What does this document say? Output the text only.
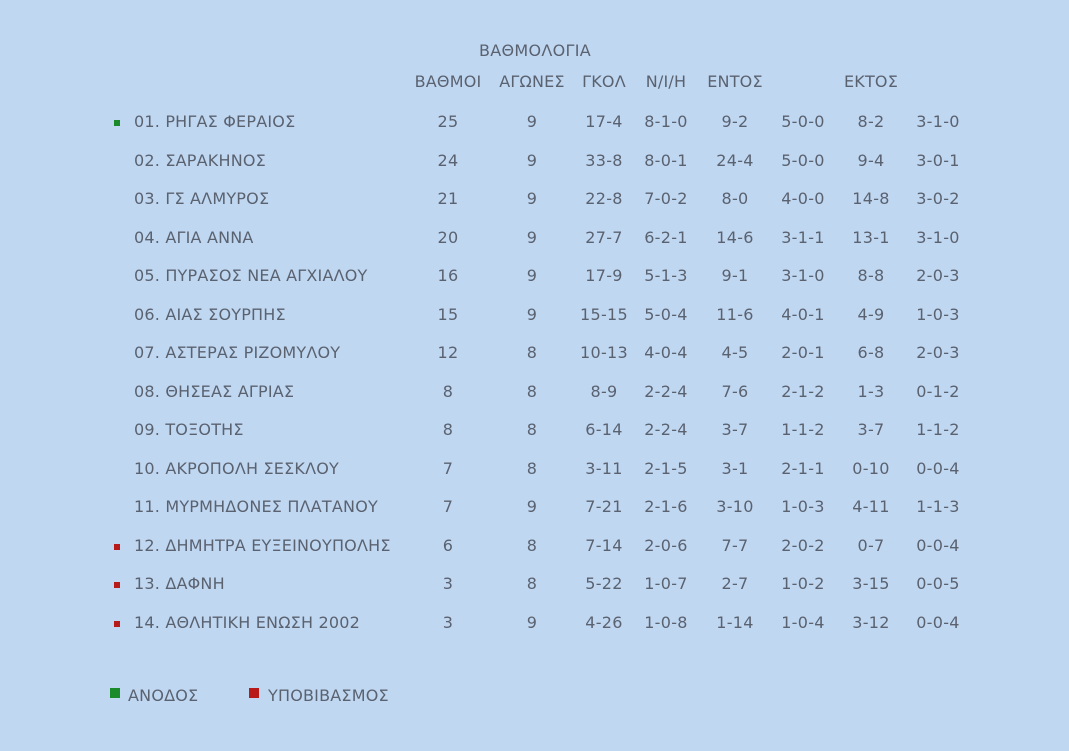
ΒΑΘΜΟΛΟΓΙΑ
ΒΑΘΜΟΙ ΑΓΩΝΕΣ ΓΚΟΛ Ν/Ι/Η ΕΝΤΟΣ	ΕΚΤΟΣ
01. ΡΗΓΑΣ ΦΕΡΑΙΟΣ	25	9	17-4 8-1-0 9-2 5-0-0 8-2 3-1-0
02. ΣΑΡΑΚΗΝΟΣ	24	9	33-8 8-0-1 24-4 5-0-0 9-4 3-0-1
03. ΓΣ ΑΛΜΥΡΟΣ	21	9	22-8 7-0-2 8-0 4-0-0 14-8 3-0-2
04. ΑΓΙΑ ΑΝΝΑ	20	9	27-7 6-2-1 14-6 3-1-1 13-1 3-1-0
05. ΠΥΡΑΣΟΣ ΝΕΑ ΑΓΧΙΑΛΟΥ	16	9	17-9 5-1-3 9-1 3-1-0 8-8 2-0-3
06. ΑΙΑΣ ΣΟΥΡΠΗΣ	15	9	15-15 5-0-4 11-6 4-0-1 4-9 1-0-3
07. ΑΣΤΕΡΑΣ ΡΙΖΟΜΥΛΟΥ	12	8	10-13 4-0-4 4-5 2-0-1 6-8 2-0-3
08. ΘΗΣΕΑΣ ΑΓΡΙΑΣ	8	8	8-9 2-2-4 7-6 2-1-2 1-3 0-1-2
09. ΤΟΞΟΤΗΣ	8	8	6-14 2-2-4 3-7 1-1-2 3-7 1-1-2
10. ΑΚΡΟΠΟΛΗ ΣΕΣΚΛΟΥ	7	8	3-11 2-1-5 3-1 2-1-1 0-10 0-0-4
11. ΜΥΡΜΗΔΟΝΕΣ ΠΛΑΤΑΝΟΥ	7	9	7-21 2-1-6 3-10 1-0-3 4-11 1-1-3
12. ΔΗΜΗΤΡΑ ΕΥΞΕΙΝΟΥΠΟΛΗΣ	6	8	7-14 2-0-6 7-7 2-0-2 0-7 0-0-4
13. ΔΑΦΝΗ	3	8	5-22 1-0-7 2-7 1-0-2 3-15 0-0-5
14. ΑΘΛΗΤΙΚΗ ΕΝΩΣΗ 2002	3	9	4-26 1-0-8 1-14 1-0-4 3-12 0-0-4
ΑΝΟΔΟΣ	ΥΠΟΒΙΒΑΣΜΟΣ
